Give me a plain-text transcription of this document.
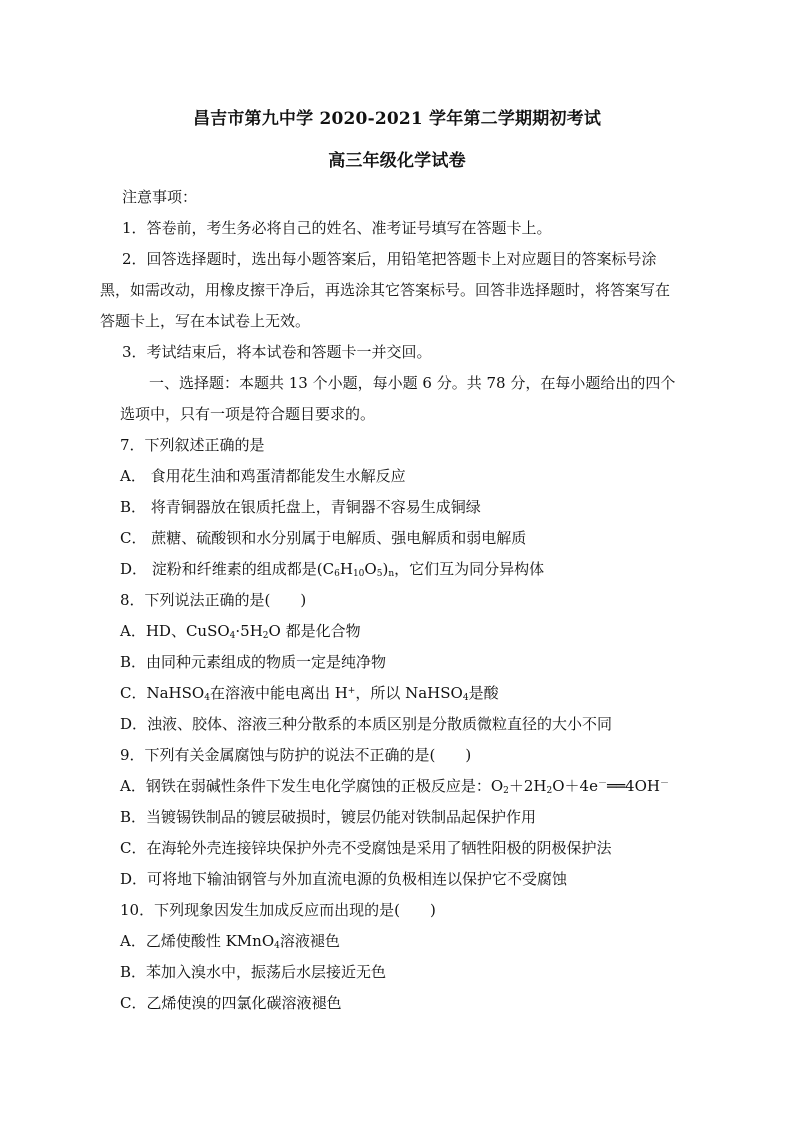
昌吉市第九中学 2020-2021 学年第二学期期初考试
高三年级化学试卷
注意事项：
1．答卷前，考生务必将自己的姓名、准考证号填写在答题卡上。
2．回答选择题时，选出每小题答案后，用铅笔把答题卡上对应题目的答案标号涂
黑，如需改动，用橡皮擦干净后，再选涂其它答案标号。回答非选择题时，将答案写在
答题卡上，写在本试卷上无效。
3．考试结束后，将本试卷和答题卡一并交回。
一、选择题：本题共 13 个小题，每小题 6 分。共 78 分，在每小题给出的四个
选项中，只有一项是符合题目要求的。
7．下列叙述正确的是
A． 食用花生油和鸡蛋清都能发生水解反应
B． 将青铜器放在银质托盘上，青铜器不容易生成铜绿
C． 蔗糖、硫酸钡和水分别属于电解质、强电解质和弱电解质
D． 淀粉和纤维素的组成都是$(C_6H_{10}O_5)_n$，它们互为同分异构体
8．下列说法正确的是(　　)
A．HD、$CuSO_4\cdot 5H_2O$ 都是化合物
B．由同种元素组成的物质一定是纯净物
C．NaHSO$_4$在溶液中能电离出 H+，所以 NaHSO$_4$是酸
D．浊液、胶体、溶液三种分散系的本质区别是分散质微粒直径的大小不同
9．下列有关金属腐蚀与防护的说法不正确的是(　　)
A．钢铁在弱碱性条件下发生电化学腐蚀的正极反应是：$O_2+2H_2O+4e^-══4OH^-$
B．当镀锡铁制品的镀层破损时，镀层仍能对铁制品起保护作用
C．在海轮外壳连接锌块保护外壳不受腐蚀是采用了牺牲阳极的阴极保护法
D．可将地下输油钢管与外加直流电源的负极相连以保护它不受腐蚀
10．下列现象因发生加成反应而出现的是(　　)
A．乙烯使酸性 KMnO$_4$溶液褪色
B．苯加入溴水中，振荡后水层接近无色
C．乙烯使溴的四氯化碳溶液褪色
